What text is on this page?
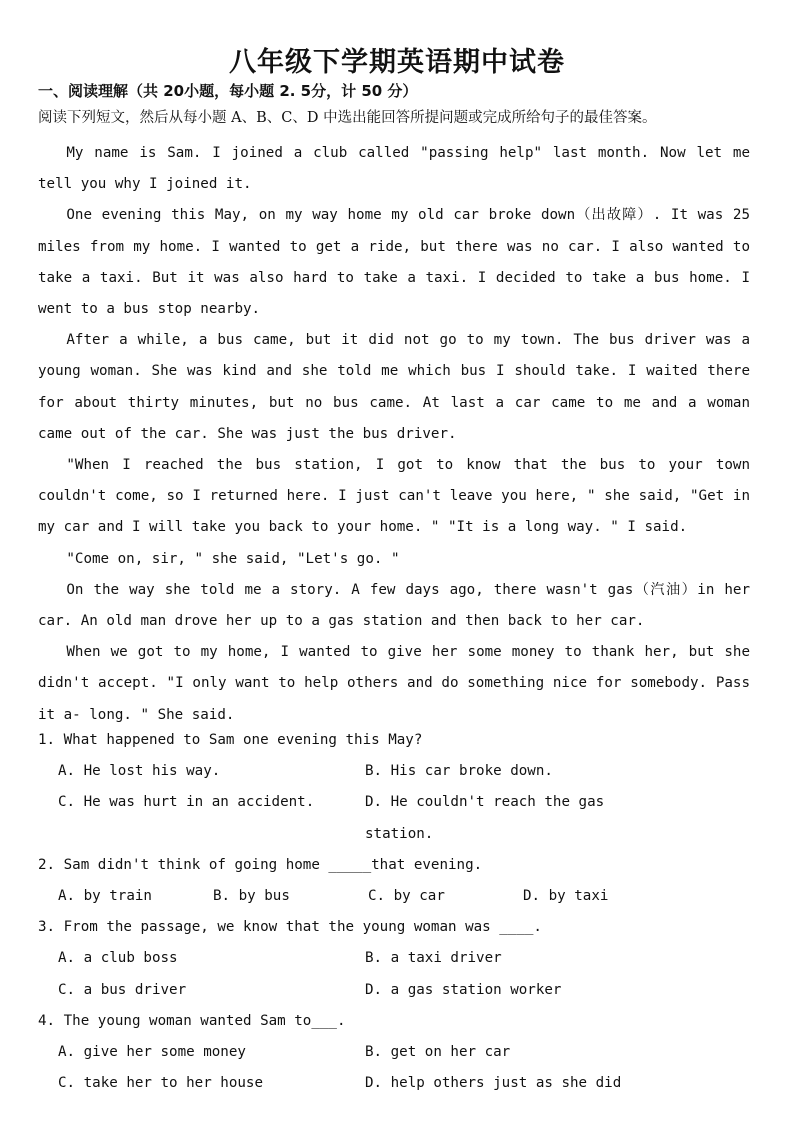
八年级下学期英语期中试卷
一、阅读理解（共 20小题，每小题 2. 5分，计 50 分）
阅读下列短文，然后从每小题 A、B、C、D 中选出能回答所提问题或完成所给句子的最佳答案。

My name is Sam. I joined a club called "passing help" last month. Now let me tell you why I joined it.

One evening this May, on my way home my old car broke down（出故障）. It was 25 miles from my home. I wanted to get a ride, but there was no car. I also wanted to take a taxi. But it was also hard to take a taxi. I decided to take a bus home. I went to a bus stop nearby.

After a while, a bus came, but it did not go to my town. The bus driver was a young woman. She was kind and she told me which bus I should take. I waited there for about thirty minutes, but no bus came. At last a car came to me and a woman came out of the car. She was just the bus driver.

"When I reached the bus station, I got to know that the bus to your town couldn't come, so I returned here. I just can't leave you here, " she said, "Get in my car and I will take you back to your home. " "It is a long way. " I said.

"Come on, sir, " she said, "Let's go. "

On the way she told me a story. A few days ago, there wasn't gas（汽油）in her car. An old man drove her up to a gas station and then back to her car.

When we got to my home, I wanted to give her some money to thank her, but she didn't accept. "I only want to help others and do something nice for somebody. Pass it a- long. " She said.

1. What happened to Sam one evening this May?
A. He lost his way.	B. His car broke down.
C. He was hurt in an accident.	D. He couldn't reach the gas station.
2. Sam didn't think of going home _____that evening.
A. by train	B. by bus	C. by car	D. by taxi
3. From the passage, we know that the young woman was ____.
A. a club boss	B. a taxi driver
C. a bus driver	D. a gas station worker
4. The young woman wanted Sam to___.
A. give her some money	B. get on her car
C. take her to her house	D. help others just as she did
